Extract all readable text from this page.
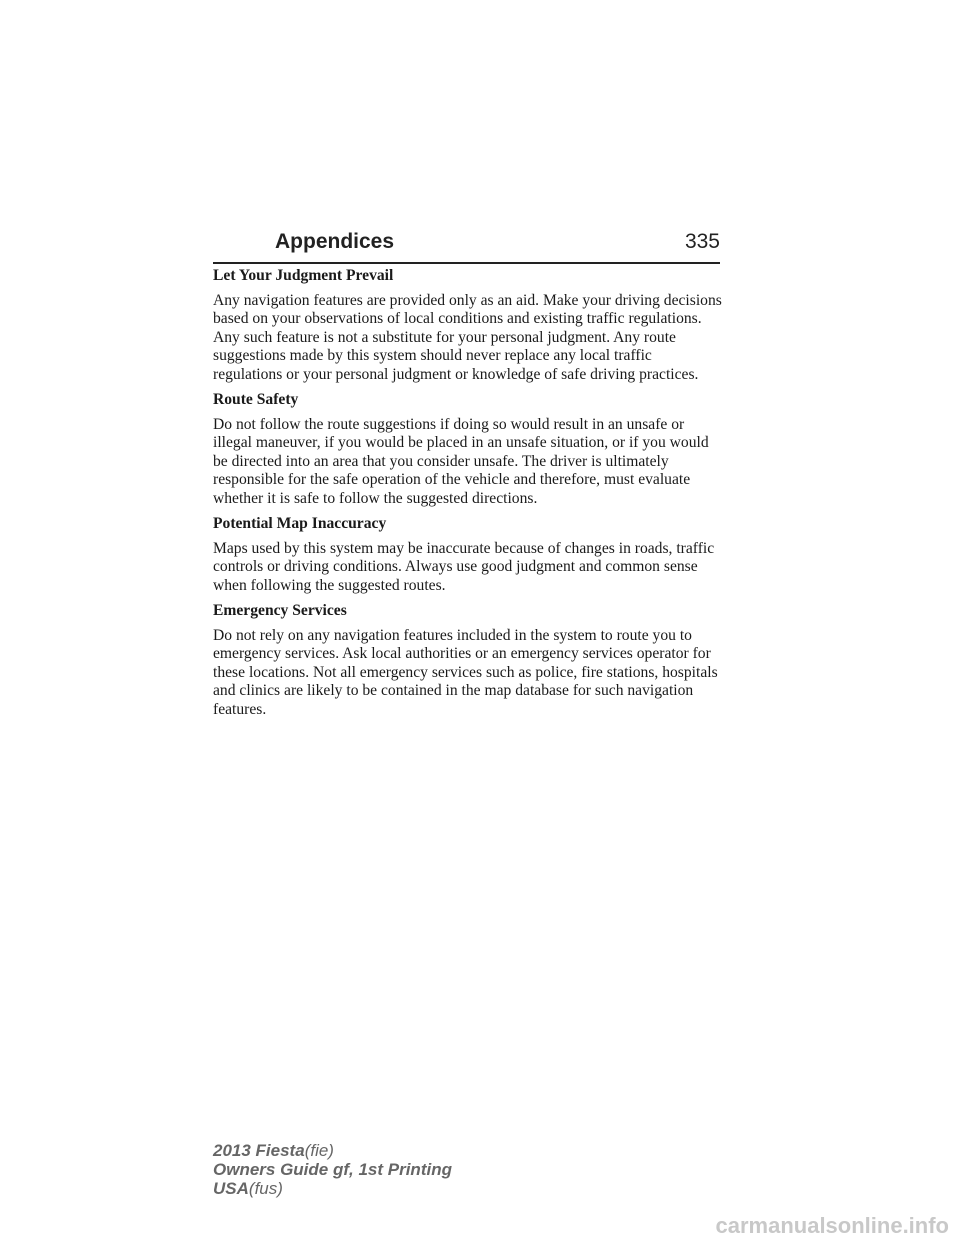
Appendices	335

Let Your Judgment Prevail

Any navigation features are provided only as an aid. Make your driving decisions based on your observations of local conditions and existing traffic regulations. Any such feature is not a substitute for your personal judgment. Any route suggestions made by this system should never replace any local traffic regulations or your personal judgment or knowledge of safe driving practices.

Route Safety

Do not follow the route suggestions if doing so would result in an unsafe or illegal maneuver, if you would be placed in an unsafe situation, or if you would be directed into an area that you consider unsafe. The driver is ultimately responsible for the safe operation of the vehicle and therefore, must evaluate whether it is safe to follow the suggested directions.

Potential Map Inaccuracy

Maps used by this system may be inaccurate because of changes in roads, traffic controls or driving conditions. Always use good judgment and common sense when following the suggested routes.

Emergency Services

Do not rely on any navigation features included in the system to route you to emergency services. Ask local authorities or an emergency services operator for these locations. Not all emergency services such as police, fire stations, hospitals and clinics are likely to be contained in the map database for such navigation features.

2013 Fiesta(fie)
Owners Guide gf, 1st Printing
USA(fus)
carmanualsonline.info
